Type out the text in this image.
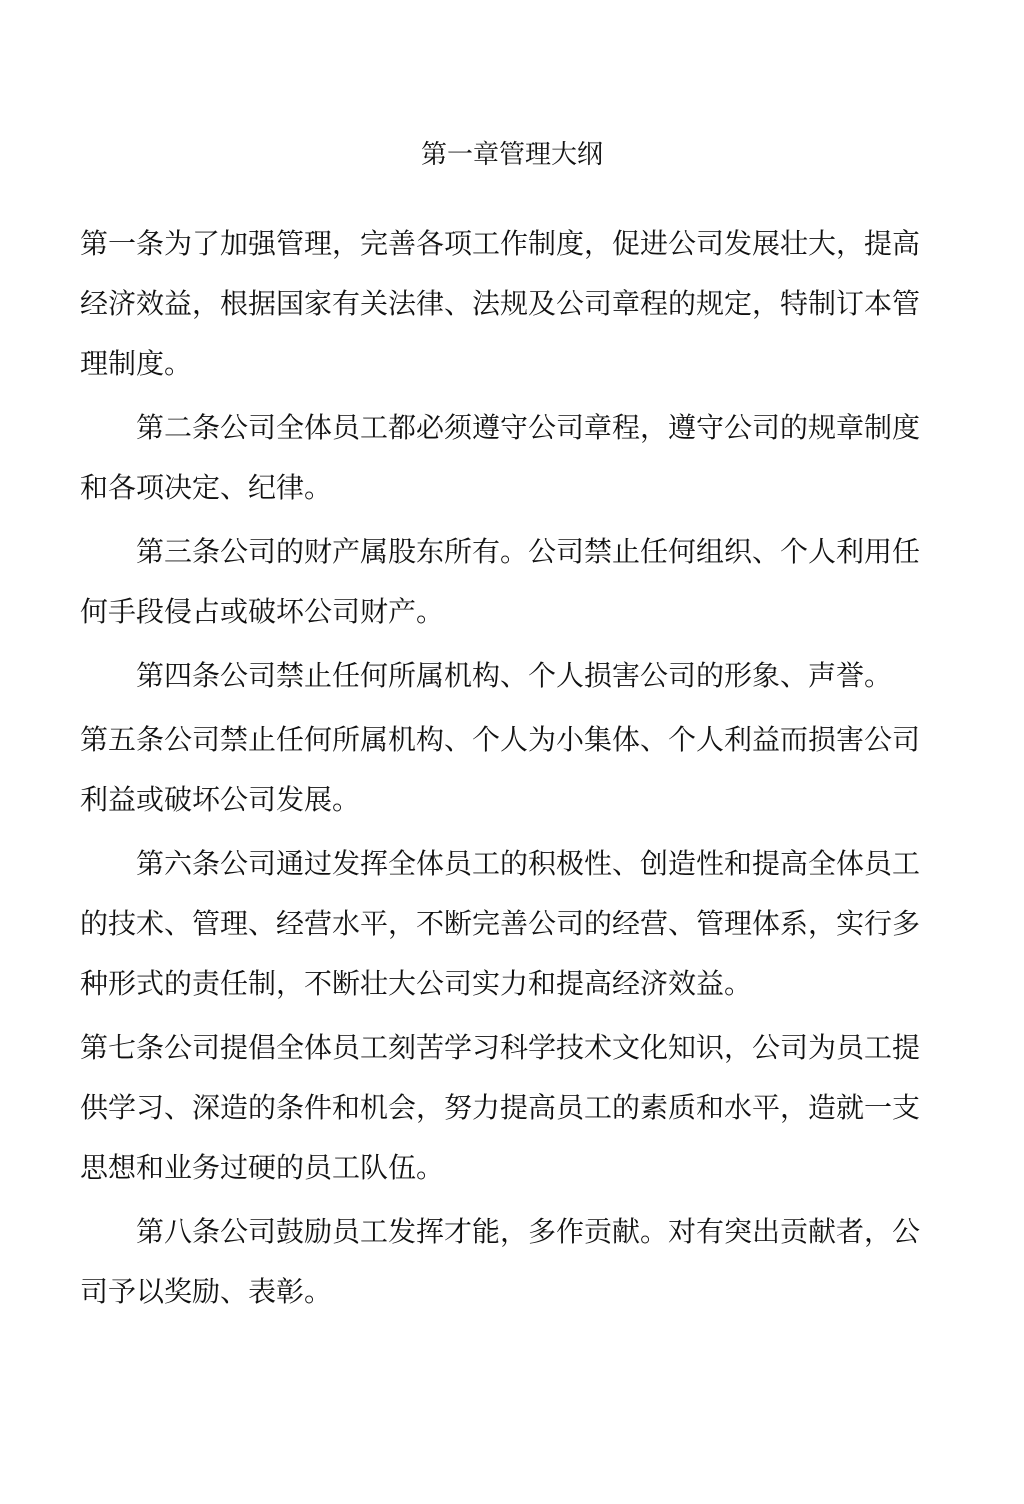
第一章管理大纲

第一条为了加强管理，完善各项工作制度，促进公司发展壮大，提高经济效益，根据国家有关法律、法规及公司章程的规定，特制订本管理制度。

第二条公司全体员工都必须遵守公司章程，遵守公司的规章制度和各项决定、纪律。

第三条公司的财产属股东所有。公司禁止任何组织、个人利用任何手段侵占或破坏公司财产。

第四条公司禁止任何所属机构、个人损害公司的形象、声誉。

第五条公司禁止任何所属机构、个人为小集体、个人利益而损害公司利益或破坏公司发展。

第六条公司通过发挥全体员工的积极性、创造性和提高全体员工的技术、管理、经营水平，不断完善公司的经营、管理体系，实行多种形式的责任制，不断壮大公司实力和提高经济效益。

第七条公司提倡全体员工刻苦学习科学技术文化知识，公司为员工提供学习、深造的条件和机会，努力提高员工的素质和水平，造就一支思想和业务过硬的员工队伍。

第八条公司鼓励员工发挥才能，多作贡献。对有突出贡献者，公司予以奖励、表彰。
